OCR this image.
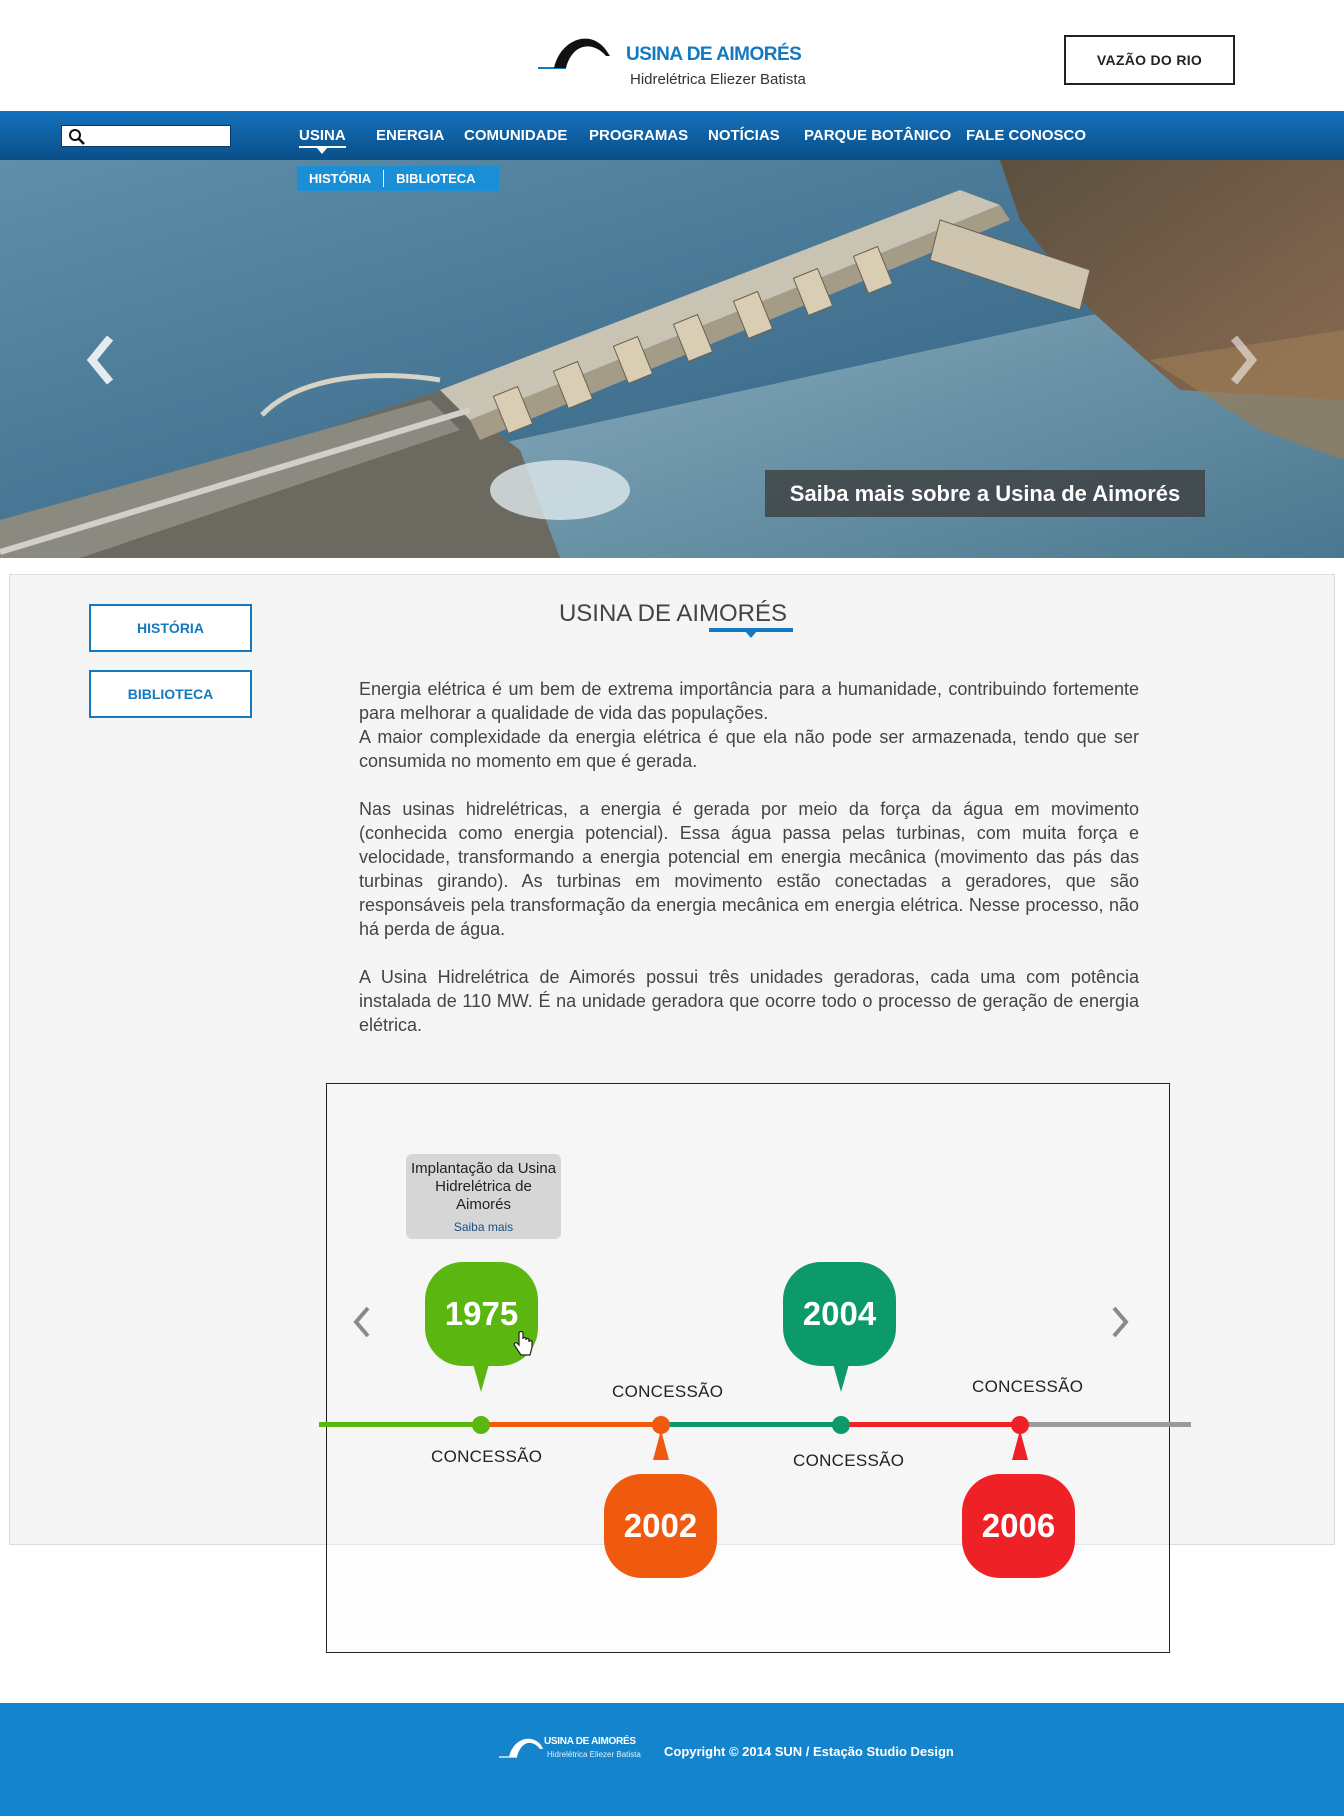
USINA DE AIMORÉS
Hidrelétrica Eliezer Batista
VAZÃO DO RIO
USINA ENERGIA COMUNIDADE PROGRAMAS NOTÍCIAS PARQUE BOTÂNICO FALE CONOSCO
HISTÓRIA	BIBLIOTECA
Saiba mais sobre a Usina de Aimorés
HISTÓRIA
BIBLIOTECA
USINA DE AIMORÉS

Energia elétrica é um bem de extrema importância para a humanidade, contribuindo fortemente para melhorar a qualidade de vida das populações.

A maior complexidade da energia elétrica é que ela não pode ser armazenada, tendo que ser consumida no momento em que é gerada.

Nas usinas hidrelétricas, a energia é gerada por meio da força da água em movimento (conhecida como energia potencial). Essa água passa pelas turbinas, com muita força e velocidade, transformando a energia potencial em energia mecânica (movimento das pás das turbinas girando). As turbinas em movimento estão conectadas a geradores, que são responsáveis pela transformação da energia mecânica em energia elétrica. Nesse processo, não há perda de água.

A Usina Hidrelétrica de Aimorés possui três unidades geradoras, cada uma com potência instalada de 110 MW. É na unidade geradora que ocorre todo o processo de geração de energia elétrica.

Implantação da Usina Hidrelétrica de Aimorés
Saiba mais
1975	2004
2002	2006
CONCESSÃO
CONCESSÃO
CONCESSÃO
CONCESSÃO
USINA DE AIMORÉS
Hidrelétrica Eliezer Batista Copyright © 2014 SUN / Estação Studio Design
